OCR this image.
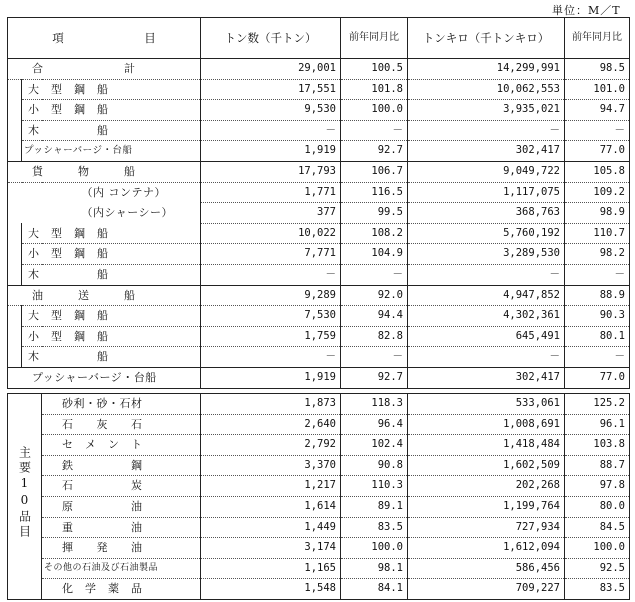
単位：M／T
項　　　　　　　目			トン数（千トン）	前年同月比	トンキロ（千トンキロ）	前年同月比
合　　　　　　　計			29,001	100.5	14,299,991	98.5
	大　型　鋼　船		17,551	101.8	10,062,553	101.0
	小　型　鋼　船		9,530	100.0	3,935,021	94.7
	木　　　　　船		－	－	－	－
	プッシャーバージ・台船		1,919	92.7	302,417	77.0
貨　　　物　　　船			17,793	106.7	9,049,722	105.8
		（内 コンテナ）	1,771	116.5	1,117,075	109.2
		（内シャーシー）	377	99.5	368,763	98.9
	大　型　鋼　船		10,022	108.2	5,760,192	110.7
	小　型　鋼　船		7,771	104.9	3,289,530	98.2
	木　　　　　船		－	－	－	－
油　　　送　　　船			9,289	92.0	4,947,852	88.9
	大　型　鋼　船		7,530	94.4	4,302,361	90.3
	小　型　鋼　船		1,759	82.8	645,491	80.1
	木　　　　　船		－	－	－	－
プッシャーバージ・台船			1,919	92.7	302,417	77.0
主要10品目	砂利・砂・石材	1,873	118.3	533,061	125.2
	石　　灰　　石	2,640	96.4	1,008,691	96.1
	セ　メ　ン　ト	2,792	102.4	1,418,484	103.8
	鉄　　　　　鋼	3,370	90.8	1,602,509	88.7
	石　　　　　炭	1,217	110.3	202,268	97.8
	原　　　　　油	1,614	89.1	1,199,764	80.0
	重　　　　　油	1,449	83.5	727,934	84.5
	揮　　発　　油	3,174	100.0	1,612,094	100.0
	その他の石油及び石油製品	1,165	98.1	586,456	92.5
	化　学　薬　品	1,548	84.1	709,227	83.5
